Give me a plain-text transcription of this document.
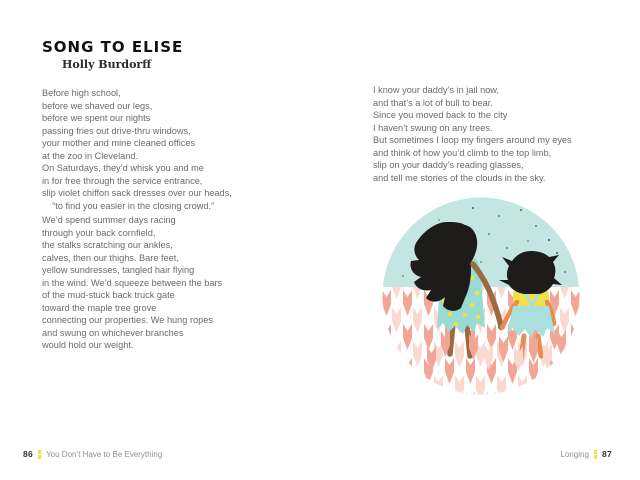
SONG TO ELISE
Holly Burdorff
Before high school,
before we shaved our legs,
before we spent our nights
passing fries out drive-thru windows,
your mother and mine cleaned offices
at the zoo in Cleveland.
On Saturdays, they’d whisk you and me
in for free through the service entrance,
slip violet chiffon sack dresses over our heads,
“to find you easier in the closing crowd.”
We’d spend summer days racing
through your back cornfield,
the stalks scratching our ankles,
calves, then our thighs. Bare feet,
yellow sundresses, tangled hair flying
in the wind. We’d squeeze between the bars
of the mud-stuck back truck gate
toward the maple tree grove
connecting our properties. We hung ropes
and swung on whichever branches
would hold our weight.
I know your daddy’s in jail now,
and that’s a lot of bull to bear.
Since you moved back to the city
I haven’t swung on any trees.
But sometimes I loop my fingers around my eyes
and think of how you’d climb to the top limb,
slip on your daddy’s reading glasses,
and tell me stories of the clouds in the sky.
86 You Don’t Have to Be Everything	Longing 87
